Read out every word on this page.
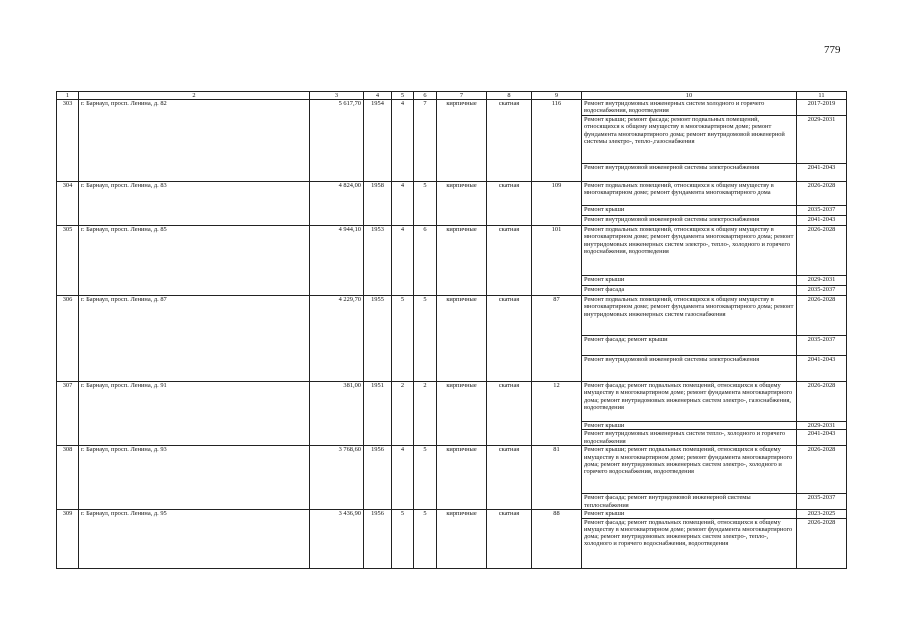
779
1	2	3	4	5	6	7	8	9	10	11
303	г. Барнаул, просп. Ленина, д. 82	5 617,70	1954	4	7	кирпичные	скатная	116	Ремонт внутридомовых инженерных систем холодного и горячего водоснабжения, водоотведения	2017-2019
									Ремонт крыши; ремонт фасада; ремонт подвальных помещений, относящихся к общему имуществу в многоквартирном доме; ремонт фундамента многоквартирного дома; ремонт внутридомовой инженерной системы электро-, тепло-,газоснабжения	2029-2031
									Ремонт внутридомовой инженерной системы электроснабжения	2041-2043
304	г. Барнаул, просп. Ленина, д. 83	4 824,00	1958	4	5	кирпичные	скатная	109	Ремонт подвальных помещений, относящихся к общему имуществу в многоквартирном доме; ремонт фундамента многоквартирного дома	2026-2028
									Ремонт крыши	2035-2037
									Ремонт внутридомовой инженерной системы электроснабжения	2041-2043
305	г. Барнаул, просп. Ленина, д. 85	4 944,10	1953	4	6	кирпичные	скатная	101	Ремонт подвальных помещений, относящихся к общему имуществу в многоквартирном доме; ремонт фундамента многоквартирного дома; ремонт внутридомовых инженерных систем электро-, тепло-, холодного и горячего водоснабжения, водоотведения	2026-2028
									Ремонт крыши	2029-2031
									Ремонт фасада	2035-2037
306	г. Барнаул, просп. Ленина, д. 87	4 229,70	1955	5	5	кирпичные	скатная	87	Ремонт подвальных помещений, относящихся к общему имуществу в многоквартирном доме; ремонт фундамента многоквартирного дома; ремонт внутридомовых инженерных систем газоснабжения	2026-2028
									Ремонт фасада; ремонт крыши	2035-2037
									Ремонт внутридомовой инженерной системы электроснабжения	2041-2043
307	г. Барнаул, просп. Ленина, д. 91	381,00	1951	2	2	кирпичные	скатная	12	Ремонт фасада; ремонт подвальных помещений, относящихся к общему имуществу в многоквартирном доме; ремонт фундамента многоквартирного дома; ремонт внутридомовых инженерных систем электро-, газоснабжения, водоотведения	2026-2028
									Ремонт крыши	2029-2031
									Ремонт внутридомовых инженерных систем тепло-, холодного и горячего водоснабжения	2041-2043
308	г. Барнаул, просп. Ленина, д. 93	3 768,60	1956	4	5	кирпичные	скатная	81	Ремонт крыши; ремонт подвальных помещений, относящихся к общему имуществу в многоквартирном доме; ремонт фундамента многоквартирного дома; ремонт внутридомовых инженерных систем электро-, холодного и горячего водоснабжения, водоотведения	2026-2028
									Ремонт фасада; ремонт внутридомовой инженерной системы теплоснабжения	2035-2037
309	г. Барнаул, просп. Ленина, д. 95	3 436,90	1956	5	5	кирпичные	скатная	88	Ремонт крыши	2023-2025
									Ремонт фасада; ремонт подвальных помещений, относящихся к общему имуществу в многоквартирном доме; ремонт фундамента многоквартирного дома; ремонт внутридомовых инженерных систем электро-, тепло-, холодного и горячего водоснабжения, водоотведения	2026-2028
